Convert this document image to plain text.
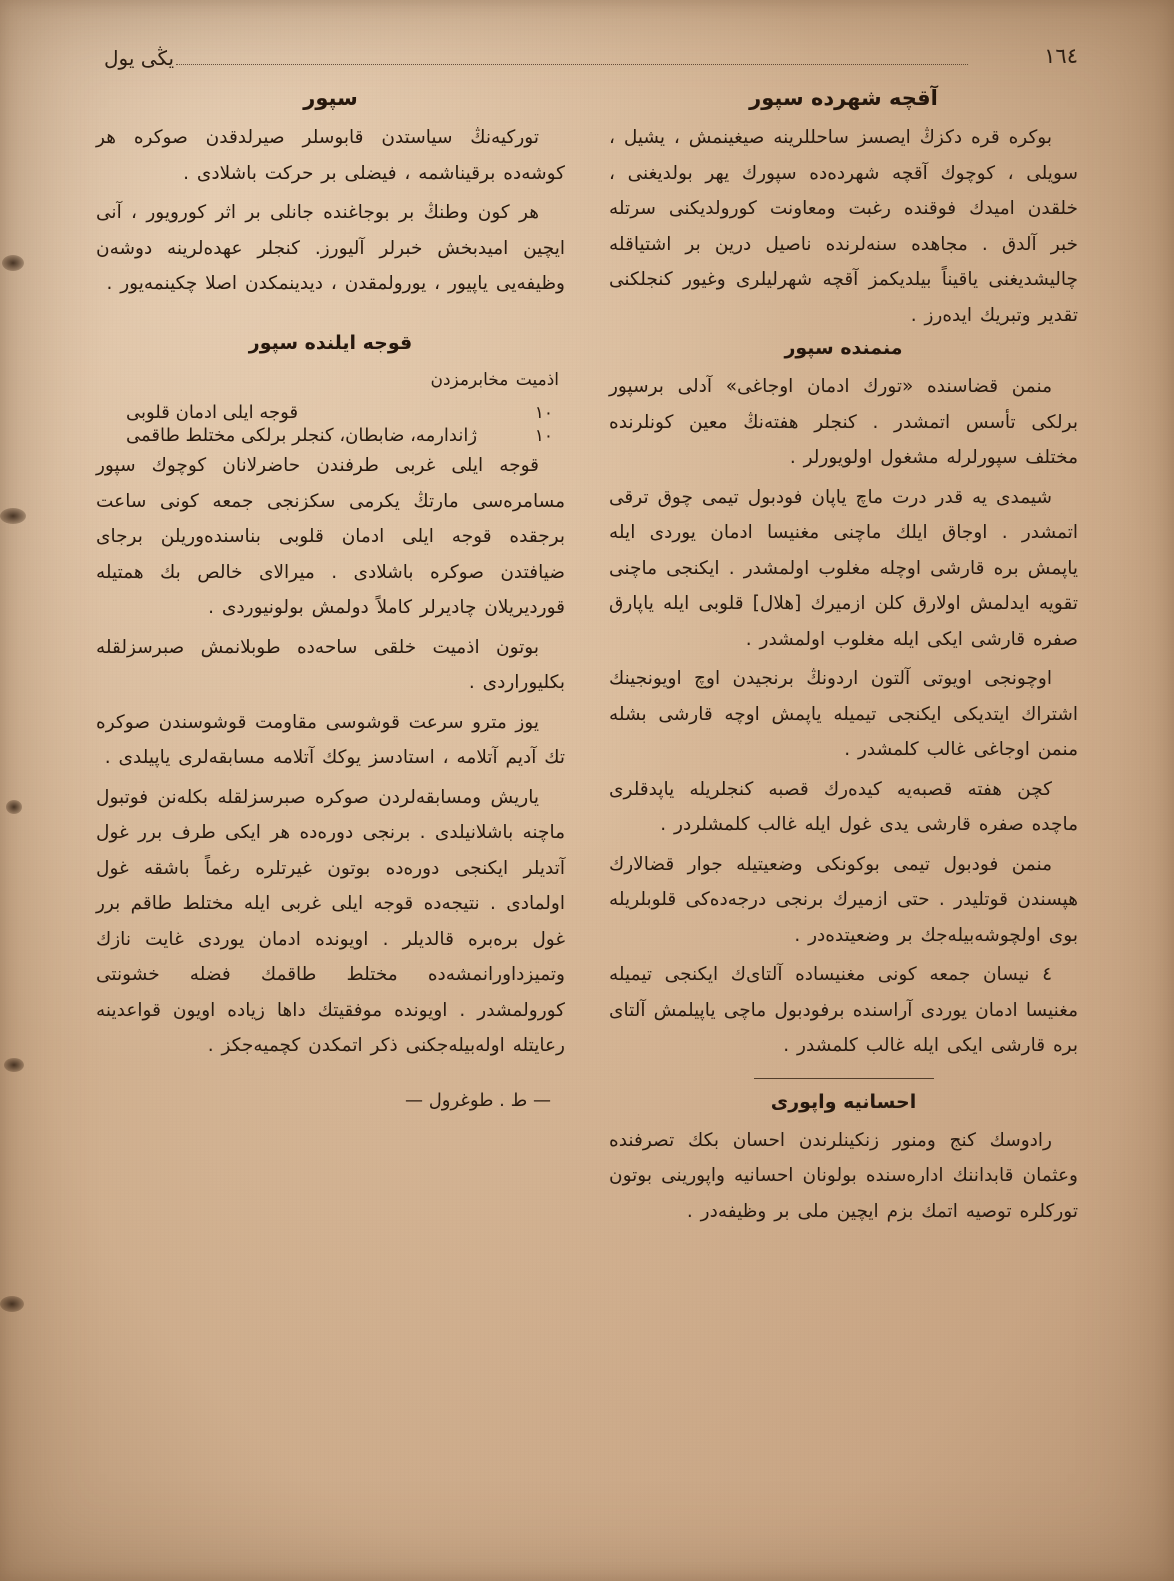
١٦٤
يڭى يول
سپور

تورکیه‌نڭ سیاستدن قابوسلر صیرلدقدن صوکره هر کوشه‌ده برقیناشمه ، فیضلی بر حرکت باشلادی .

هر کون وطنڭ بر بوجاغنده جانلی بر اثر کورویور ، آنی ایچین امیدبخش خبرلر آلیورز. کنجلر عهده‌لرینه دوشه‌ن وظیفه‌یی یاپیور ، یورولمقدن ، دیدینمکدن اصلا چکینمه‌یور .

قوجه ایلنده سپور

اذمیت مخابرمزدن

قوجه ایلی ادمان قلوبی	١٠
ژاندارمه‌، ضابطان، کنجلر برلکی مختلط طاقمی	١٠

قوجه ایلی غربی طرفندن حاضرلانان کوچوك سپور مسامره‌سی مارتڭ یکرمی سکزنجی جمعه کونی ساعت برجقده قوجه ایلی ادمان قلوبی بناسنده‌وریلن برجای ضیافتدن صوکره باشلادی . میرالای خالص بك همتیله قوردیریلان چادیرلر کاملاً دولمش بولونیوردی .

بوتون اذمیت خلقی ساحه‌ده طوبلانمش صبرسزلقله بکلیوراردی .

یوز مترو سرعت قوشوسی مقاومت قوشوسندن صوکره تك آدیم آتلامه ، استادسز یوکك آتلامه مسابقه‌لری یاپیلدی .

یاریش ومسابقه‌لردن صوکره صبرسزلقله بکله‌نن فوتبول ماچنه باشلانیلدی . برنجی دوره‌ده هر ایکی طرف برر غول آتدیلر ایکنجی دوره‌ده بوتون غیرتلره رغماً باشقه غول اولمادی . نتیجه‌ده قوجه ایلی غربی ایله مختلط طاقم برر غول بره‌بره قالدیلر . اویونده ادمان یوردی غایت نازك وتمیزداورانمشه‌ده مختلط طاقمك فضله خشونتی کورولمشدر . اویونده موفقیتك داها زیاده اویون قواعدینه رعایتله اوله‌بیله‌جکنی ذکر اتمکدن کچمیه‌جکز .

— ط . طوغرول —
آقچه شهرده سپور

بوکره قره دکزڭ ایصسز ساحللرینه صیغینمش ، یشیل ، سویلی ، کوچوك آقچه شهرده‌ده سپورك یهر بولدیغنی ، خلقدن امیدك فوقنده رغبت ومعاونت کورولدیکنی سرتله خبر آلدق . مجاهده سنه‌لرنده ناصیل درین بر اشتیاقله چالیشدیغنی یاقیناً بیلدیکمز آقچه شهرلیلری وغیور کنجلکنی تقدیر وتبریك ایده‌رز .

منمنده سپور

منمن قضاسنده «تورك ادمان اوجاغی» آدلی برسپور برلکی تأسس اتمشدر . کنجلر هفته‌نڭ معین کونلرنده مختلف سپورلرله مشغول اولویورلر .

شیمدی یه قدر درت ماچ یاپان فودبول تیمی چوق ترقی اتمشدر . اوجاق ایلك ماچنی مغنیسا ادمان یوردی ایله یاپمش بره قارشی اوچله مغلوب اولمشدر . ایکنجی ماچنی تقویه ایدلمش اولارق کلن ازمیرك [هلال] قلوبی ایله یاپارق صفره قارشی ایکی ایله مغلوب اولمشدر .

اوچونجی اویوتی آلتون اردونڭ برنجیدن اوچ اویونجینك اشتراك ایتدیکی ایکنجی تیمیله یاپمش اوچه قارشی بشله منمن اوجاغی غالب کلمشدر .

کچن هفته قصبه‌یه کیده‌رك قصبه کنجلریله یاپدقلری ماچده صفره قارشی یدی غول ایله غالب کلمشلردر .

منمن فودبول تیمی بوکونکی وضعیتیله جوار قضالارك هپسندن قوتلیدر . حتی ازمیرك برنجی درجه‌ده‌کی قلوبلریله بوی اولچوشه‌بیله‌جك بر وضعیتده‌در .

٤ نیسان جمعه کونی مغنیساده آلتای‌ك ایکنجی تیمیله مغنیسا ادمان یوردی آراسنده برفودبول ماچی یاپیلمش آلتای بره قارشی ایکی ایله غالب کلمشدر .

احسانیه واپوری

رادوسك کنج ومنور زنکینلرندن احسان بكك تصرفنده وعثمان قابداننك اداره‌سنده بولونان احسانیه واپورینی بوتون تورکلره توصیه اتمك بزم ایچین ملی بر وظیفه‌در .
